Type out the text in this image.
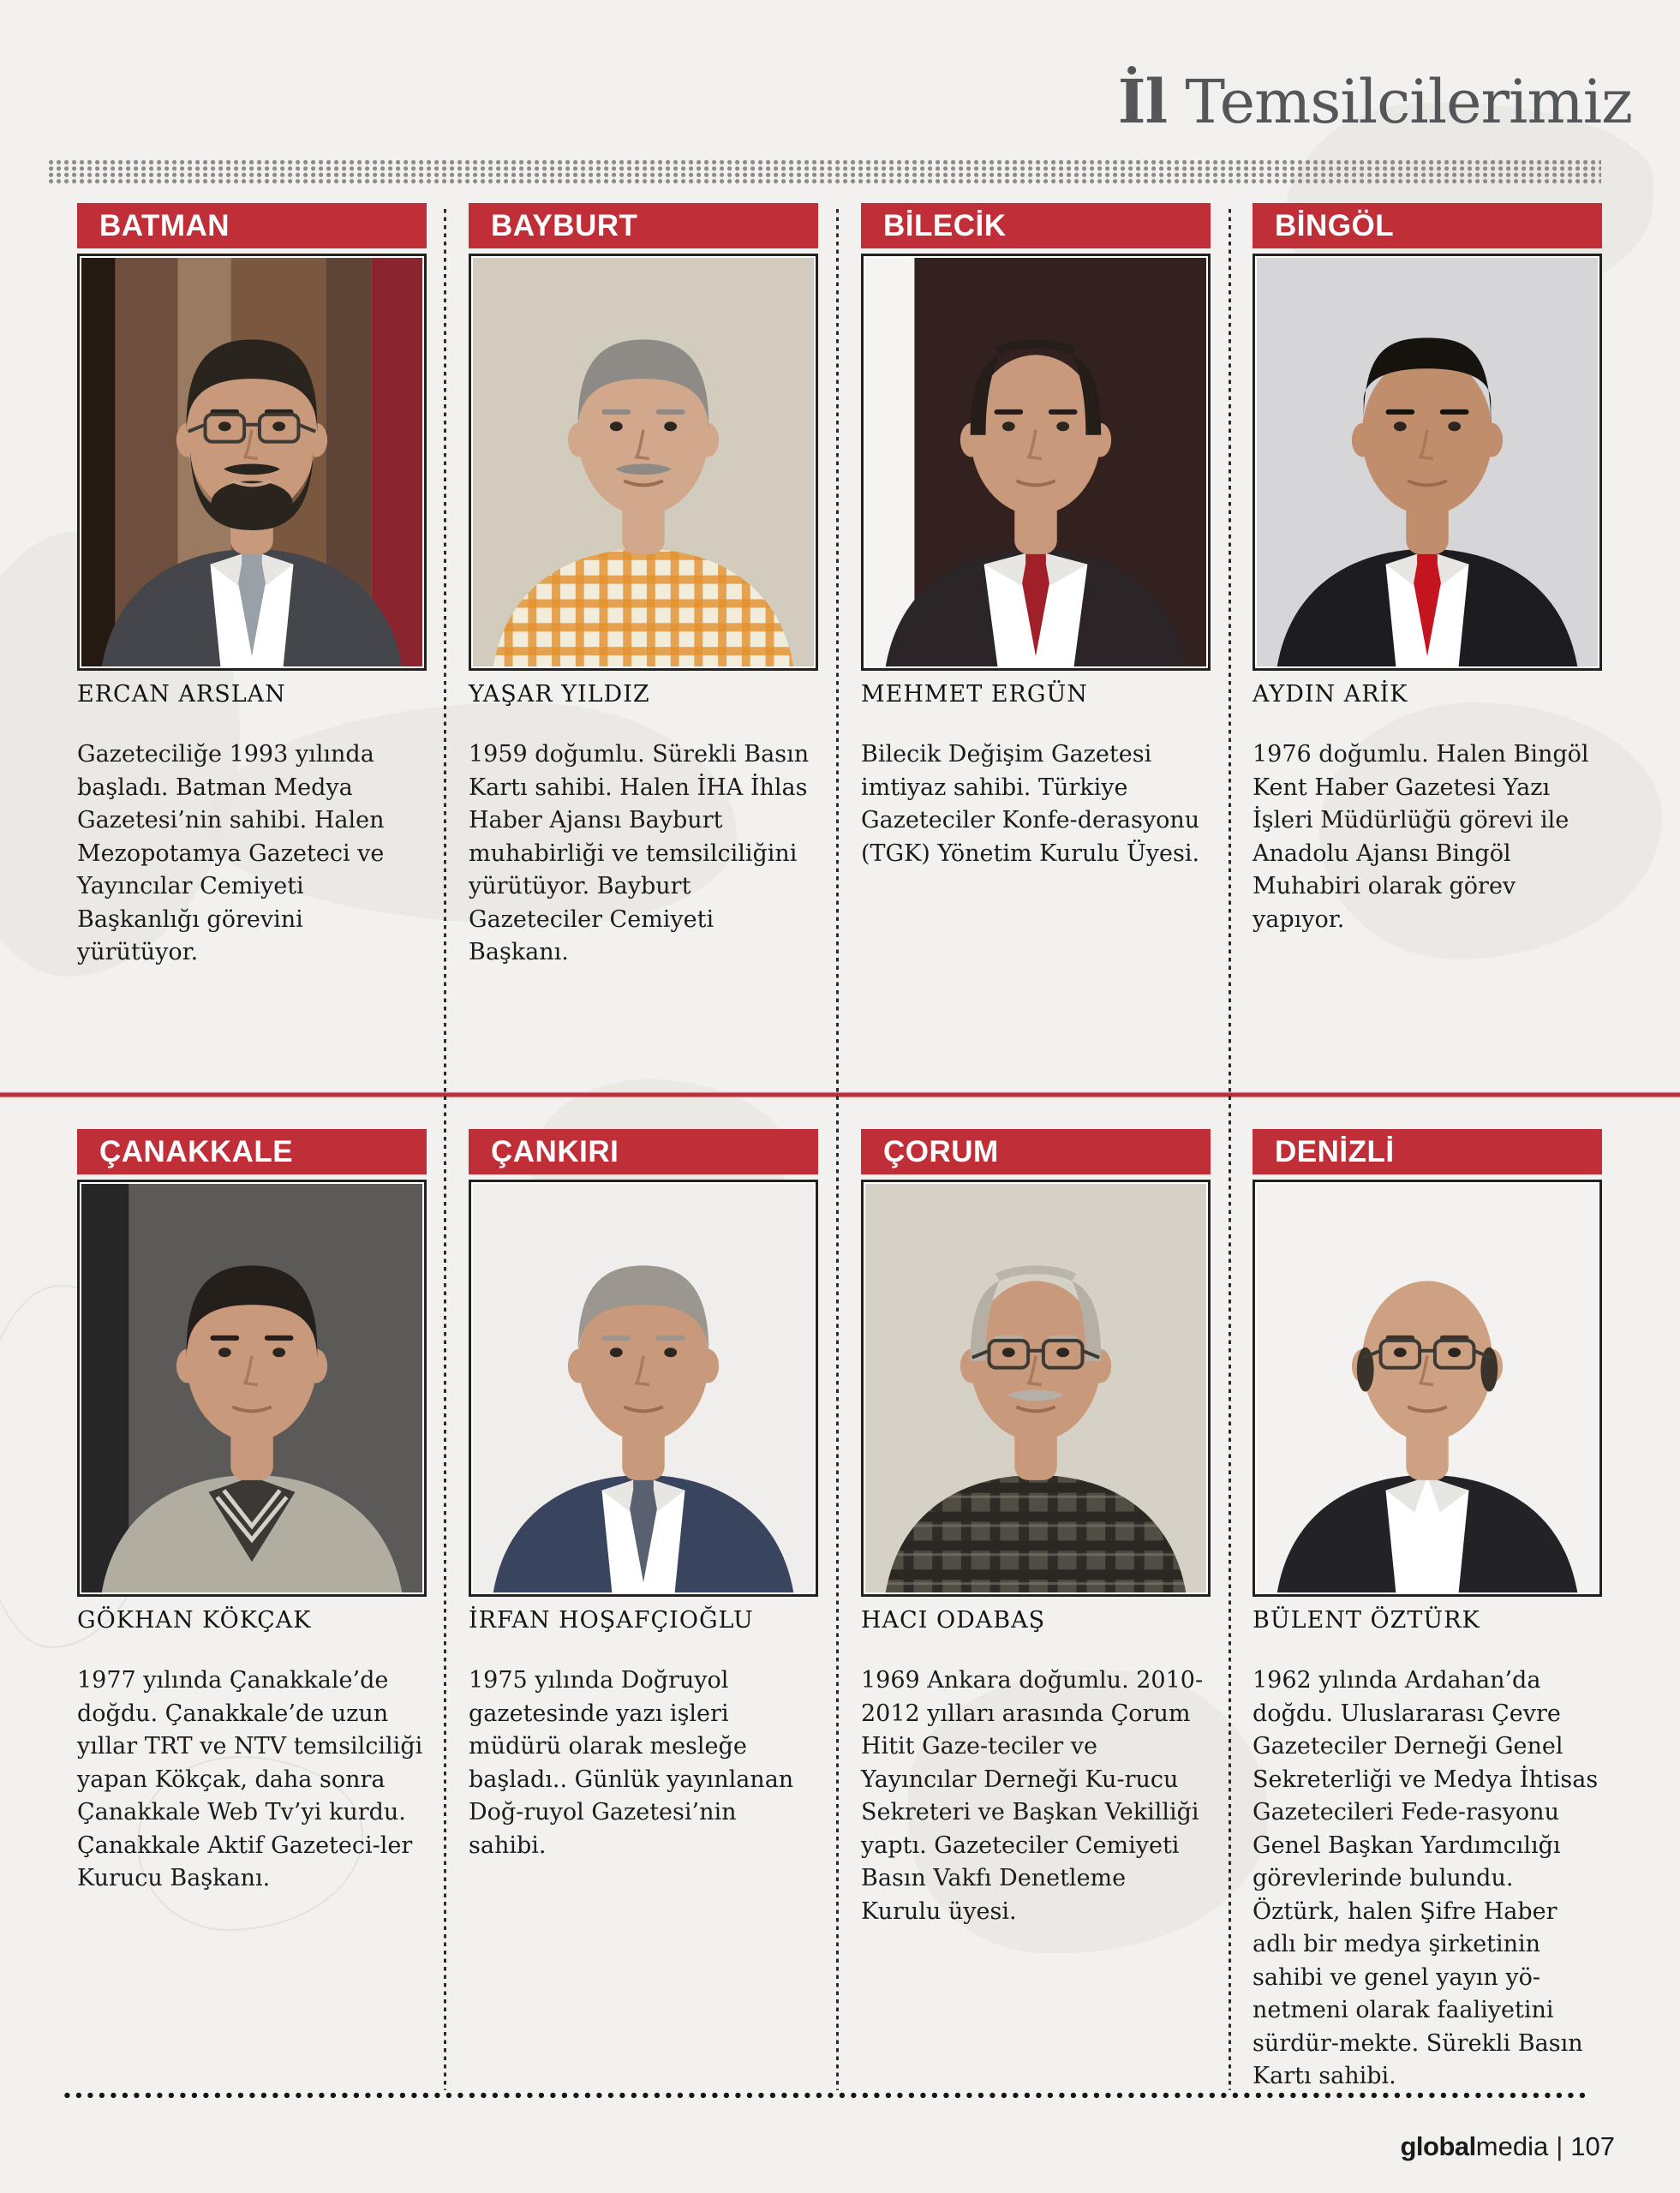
İl Temsilcilerimiz
BATMAN
ERCAN ARSLAN
Gazeteciliğe 1993 yılında başladı. Batman Medya Gazetesi’nin sahibi. Halen Mezopotamya Gazeteci ve Yayıncılar Cemiyeti Başkanlığı görevini yürütüyor.
BAYBURT
YAŞAR YILDIZ
1959 doğumlu. Sürekli Basın Kartı sahibi. Halen İHA İhlas Haber Ajansı Bayburt muhabirliği ve temsilciliğini yürütüyor. Bayburt Gazeteciler Cemiyeti Başkanı.
BİLECİK
MEHMET ERGÜN
Bilecik Değişim Gazetesi imtiyaz sahibi. Türkiye Gazeteciler Konfe-derasyonu (TGK) Yönetim Kurulu Üyesi.
BİNGÖL
AYDIN ARİK
1976 doğumlu. Halen Bingöl Kent Haber Gazetesi Yazı İşleri Müdürlüğü görevi ile Anadolu Ajansı Bingöl Muhabiri olarak görev yapıyor.
ÇANAKKALE
GÖKHAN KÖKÇAK
1977 yılında Çanakkale’de doğdu. Çanakkale’de uzun yıllar TRT ve NTV temsilciliği yapan Kökçak, daha sonra Çanakkale Web Tv’yi kurdu. Çanakkale Aktif Gazeteci-ler Kurucu Başkanı.
ÇANKIRI
İRFAN HOŞAFÇIOĞLU
1975 yılında Doğruyol gazetesinde yazı işleri müdürü olarak mesleğe başladı.. Günlük yayınlanan Doğ-ruyol Gazetesi’nin sahibi.
ÇORUM
HACI ODABAŞ
1969 Ankara doğumlu. 2010-2012 yılları arasında Çorum Hitit Gaze-teciler ve Yayıncılar Derneği Ku-rucu Sekreteri ve Başkan Vekilliği yaptı. Gazeteciler Cemiyeti Basın Vakfı Denetleme Kurulu üyesi.
DENİZLİ
BÜLENT ÖZTÜRK
1962 yılında Ardahan’da doğdu. Uluslararası Çevre Gazeteciler Derneği Genel Sekreterliği ve Medya İhtisas Gazetecileri Fede-rasyonu Genel Başkan Yardımcılığı görevlerinde bulundu. Öztürk, halen Şifre Haber adlı bir medya şirketinin sahibi ve genel yayın yö-netmeni olarak faaliyetini sürdür-mekte. Sürekli Basın Kartı sahibi.
globalmedia | 107
